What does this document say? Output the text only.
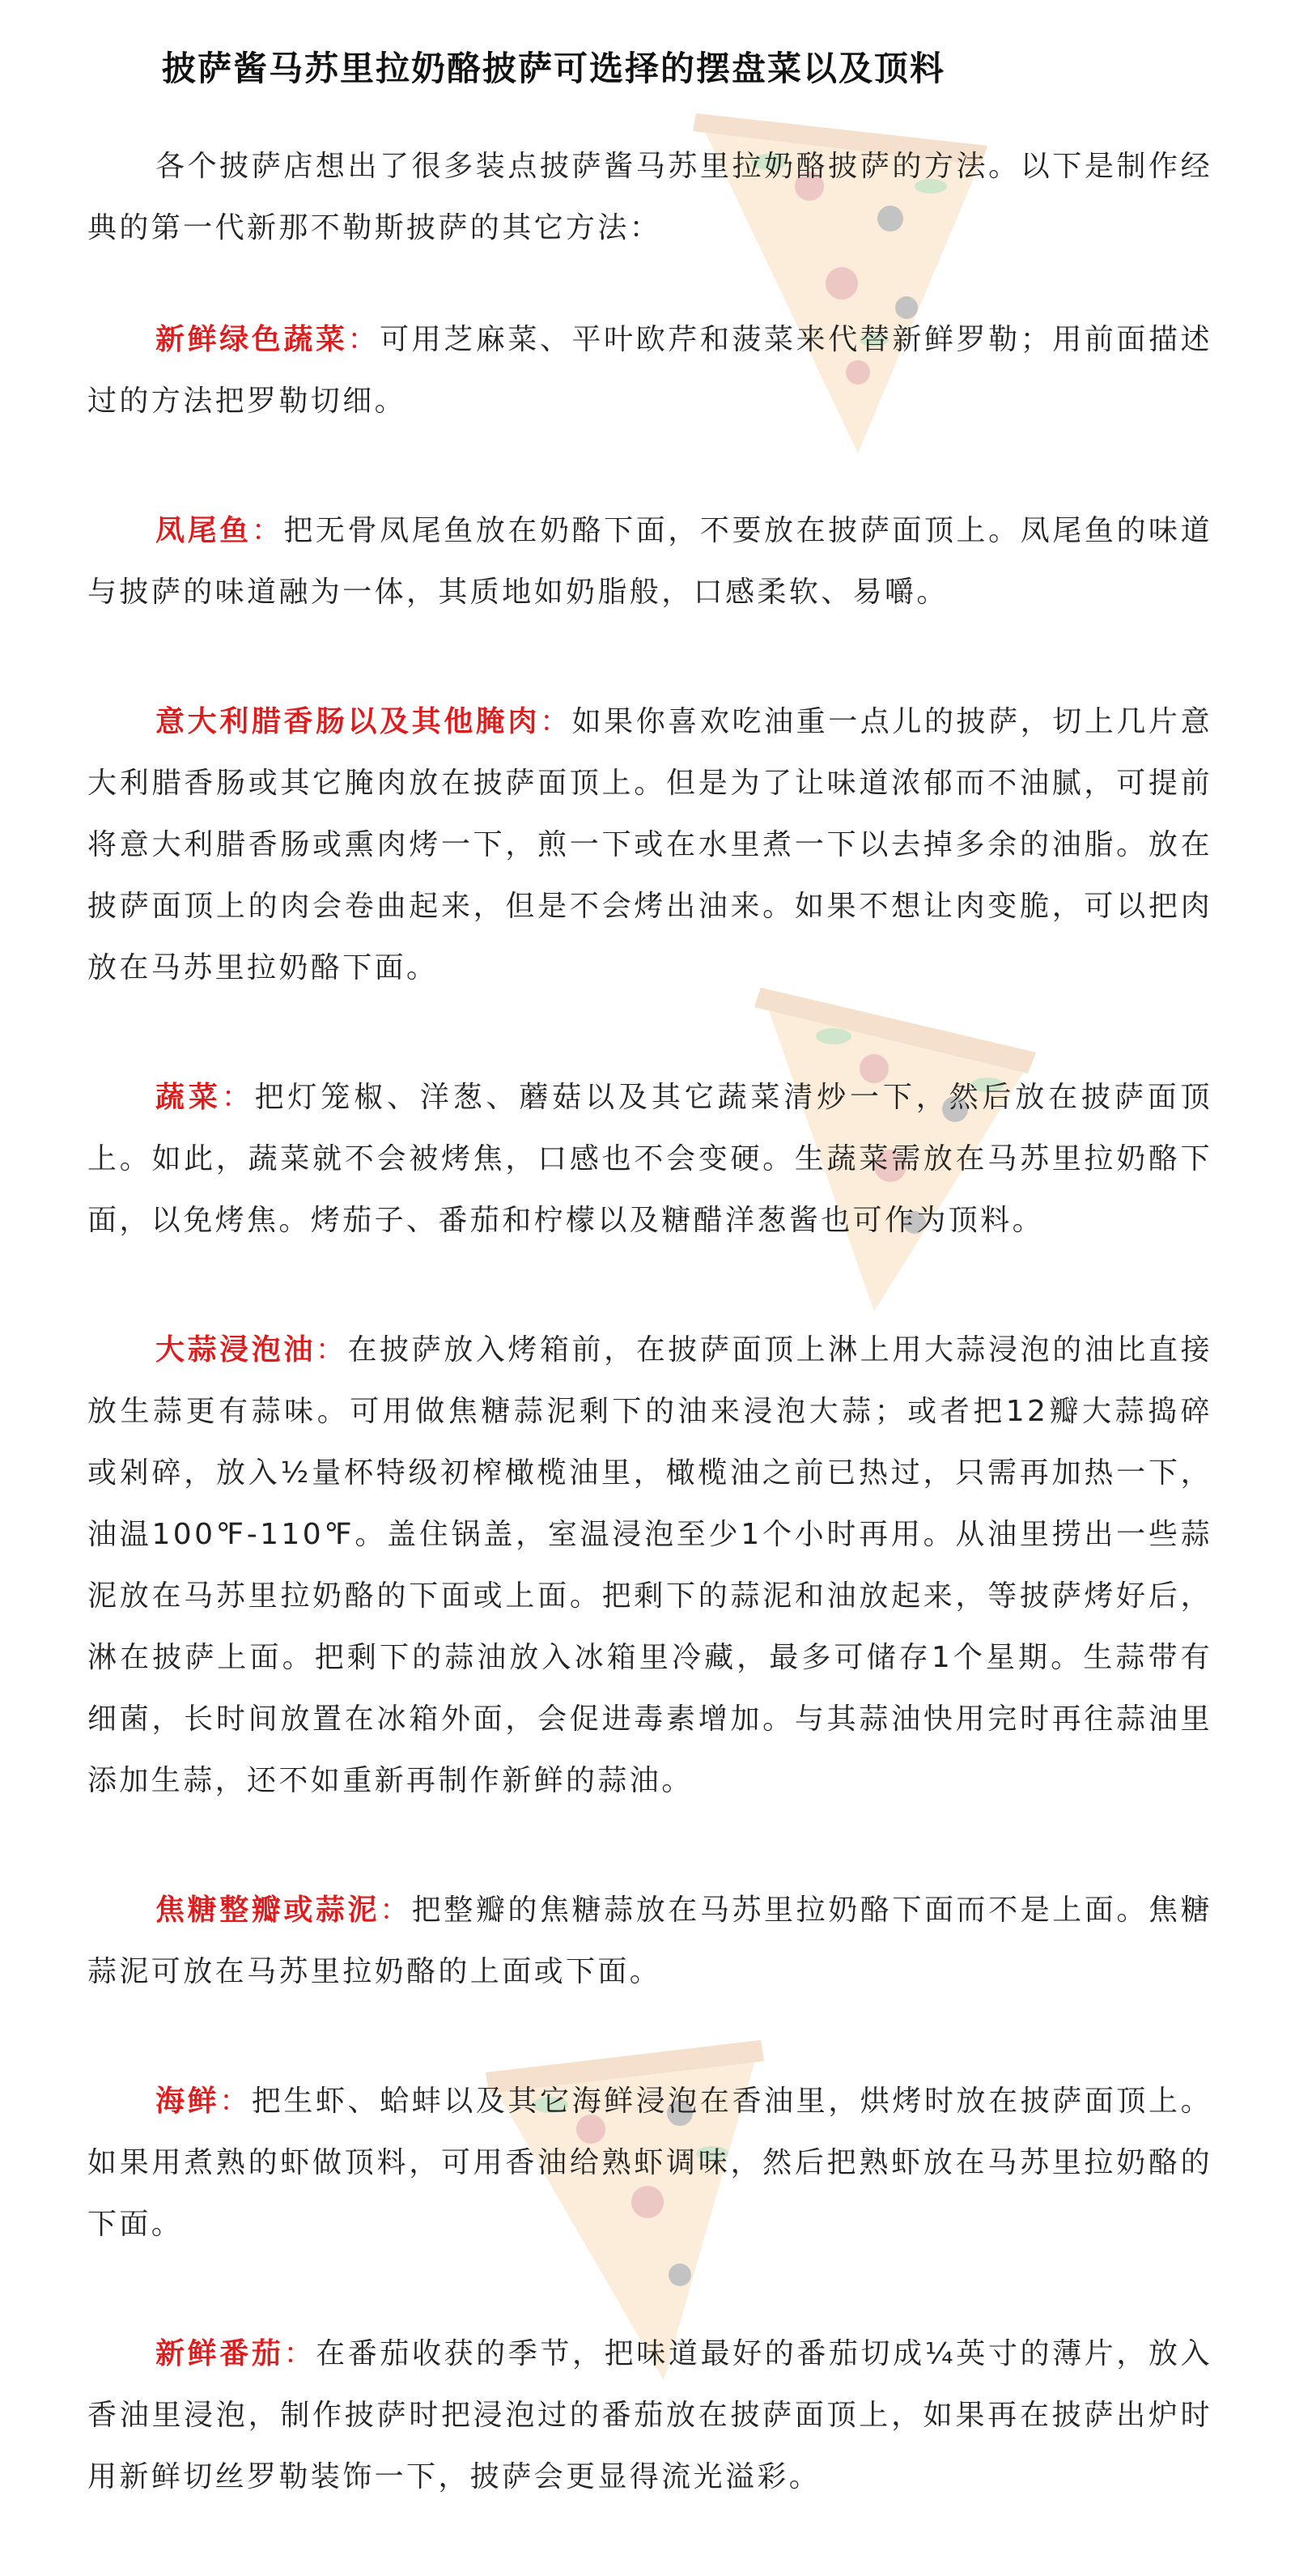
披萨酱马苏里拉奶酪披萨可选择的摆盘菜以及顶料

各个披萨店想出了很多装点披萨酱马苏里拉奶酪披萨的方法。以下是制作经典的第一代新那不勒斯披萨的其它方法：

新鲜绿色蔬菜：可用芝麻菜、平叶欧芹和菠菜来代替新鲜罗勒；用前面描述过的方法把罗勒切细。

凤尾鱼：把无骨凤尾鱼放在奶酪下面，不要放在披萨面顶上。凤尾鱼的味道与披萨的味道融为一体，其质地如奶脂般，口感柔软、易嚼。

意大利腊香肠以及其他腌肉：如果你喜欢吃油重一点儿的披萨，切上几片意大利腊香肠或其它腌肉放在披萨面顶上。但是为了让味道浓郁而不油腻，可提前将意大利腊香肠或熏肉烤一下，煎一下或在水里煮一下以去掉多余的油脂。放在披萨面顶上的肉会卷曲起来，但是不会烤出油来。如果不想让肉变脆，可以把肉放在马苏里拉奶酪下面。

蔬菜：把灯笼椒、洋葱、蘑菇以及其它蔬菜清炒一下，然后放在披萨面顶上。如此，蔬菜就不会被烤焦，口感也不会变硬。生蔬菜需放在马苏里拉奶酪下面，以免烤焦。烤茄子、番茄和柠檬以及糖醋洋葱酱也可作为顶料。

大蒜浸泡油：在披萨放入烤箱前，在披萨面顶上淋上用大蒜浸泡的油比直接放生蒜更有蒜味。可用做焦糖蒜泥剩下的油来浸泡大蒜；或者把12瓣大蒜捣碎或剁碎，放入½量杯特级初榨橄榄油里，橄榄油之前已热过，只需再加热一下，油温100℉-110℉。盖住锅盖，室温浸泡至少1个小时再用。从油里捞出一些蒜泥放在马苏里拉奶酪的下面或上面。把剩下的蒜泥和油放起来，等披萨烤好后，淋在披萨上面。把剩下的蒜油放入冰箱里冷藏，最多可储存1个星期。生蒜带有细菌，长时间放置在冰箱外面，会促进毒素增加。与其蒜油快用完时再往蒜油里添加生蒜，还不如重新再制作新鲜的蒜油。

焦糖整瓣或蒜泥：把整瓣的焦糖蒜放在马苏里拉奶酪下面而不是上面。焦糖蒜泥可放在马苏里拉奶酪的上面或下面。

海鲜：把生虾、蛤蚌以及其它海鲜浸泡在香油里，烘烤时放在披萨面顶上。如果用煮熟的虾做顶料，可用香油给熟虾调味，然后把熟虾放在马苏里拉奶酪的下面。

新鲜番茄：在番茄收获的季节，把味道最好的番茄切成¼英寸的薄片，放入香油里浸泡，制作披萨时把浸泡过的番茄放在披萨面顶上，如果再在披萨出炉时用新鲜切丝罗勒装饰一下，披萨会更显得流光溢彩。
